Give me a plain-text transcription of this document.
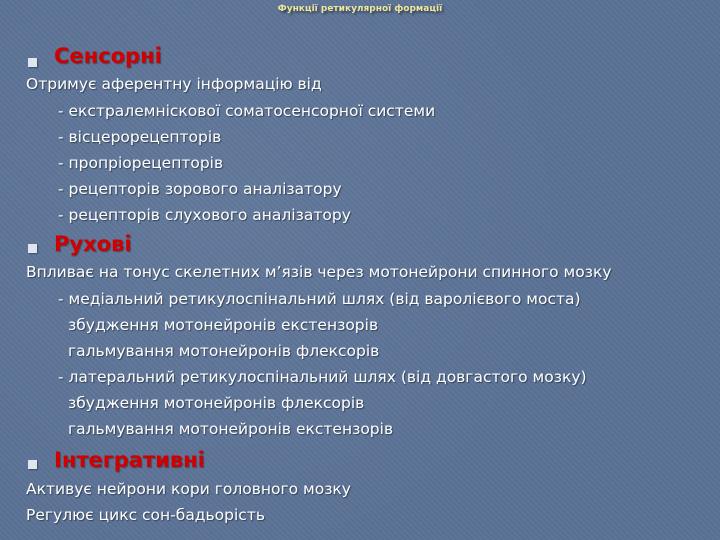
Функції ретикулярної формації
Сенсорні
Отримує аферентну інформацію від
- екстралемніскової соматосенсорної системи
- вісцерорецепторів
- пропріорецепторів
- рецепторів зорового аналізатору
- рецепторів слухового аналізатору
Рухові
Впливає на тонус скелетних м’язів через мотонейрони спинного мозку
- медіальний ретикулоспінальний шлях (від варолієвого моста)
збудження мотонейронів екстензорів
гальмування мотонейронів флексорів
- латеральний ретикулоспінальний шлях (від довгастого мозку)
збудження мотонейронів флексорів
гальмування мотонейронів екстензорів
Інтегративні
Активує нейрони кори головного мозку
Регулює цикс сон-бадьорість
